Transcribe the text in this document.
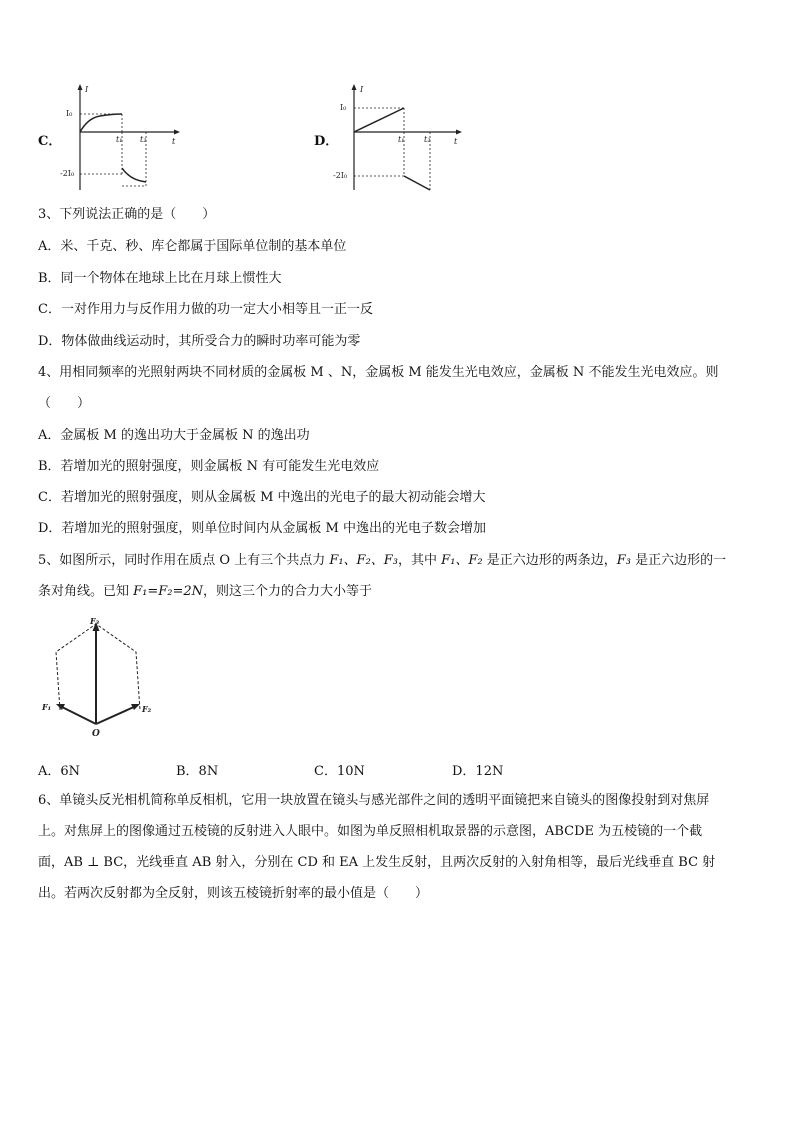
C．
I
t
I₀
-2I₀
t₁ t₂	D．
I
t
I₀
-2I₀
t₁ t₂
3、下列说法正确的是（　　）
A．米、千克、秒、库仑都属于国际单位制的基本单位
B．同一个物体在地球上比在月球上惯性大
C．一对作用力与反作用力做的功一定大小相等且一正一反
D．物体做曲线运动时，其所受合力的瞬时功率可能为零
4、用相同频率的光照射两块不同材质的金属板 M 、N，金属板 M 能发生光电效应，金属板 N 不能发生光电效应。则
（　　）
A．金属板 M 的逸出功大于金属板 N 的逸出功
B．若增加光的照射强度，则金属板 N 有可能发生光电效应
C．若增加光的照射强度，则从金属板 M 中逸出的光电子的最大初动能会增大
D．若增加光的照射强度，则单位时间内从金属板 M 中逸出的光电子数会增加
5、如图所示，同时作用在质点 O 上有三个共点力 F₁、F₂、F₃，其中 F₁、F₂ 是正六边形的两条边，F₃ 是正六边形的一
条对角线。已知 F₁=F₂=2N，则这三个力的合力大小等于
F₃
F₁	F₂
O
A．6N	B．8N	C．10N	D．12N
6、单镜头反光相机简称单反相机，它用一块放置在镜头与感光部件之间的透明平面镜把来自镜头的图像投射到对焦屏
上。对焦屏上的图像通过五棱镜的反射进入人眼中。如图为单反照相机取景器的示意图，ABCDE 为五棱镜的一个截
面，AB ⊥ BC，光线垂直 AB 射入，分别在 CD 和 EA 上发生反射，且两次反射的入射角相等，最后光线垂直 BC 射
出。若两次反射都为全反射，则该五棱镜折射率的最小值是（　　）
